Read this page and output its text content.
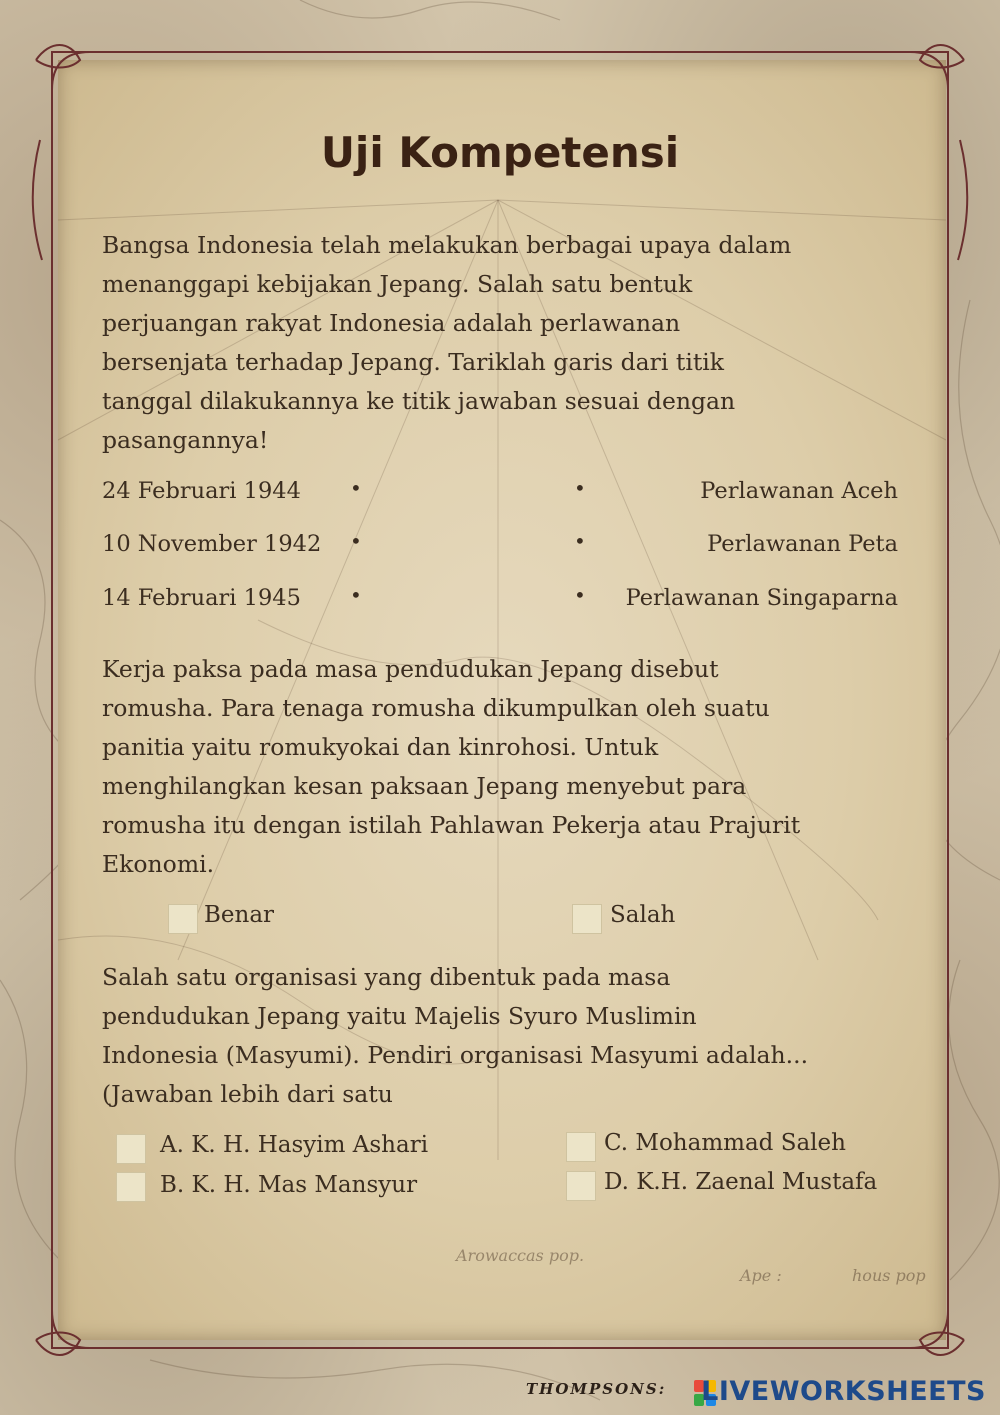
Uji Kompetensi
Bangsa Indonesia telah melakukan berbagai upaya dalam
menanggapi kebijakan Jepang. Salah satu bentuk
perjuangan rakyat Indonesia adalah perlawanan
bersenjata terhadap Jepang. Tariklah garis dari titik
tanggal dilakukannya ke titik jawaban sesuai dengan
pasangannya!
24 Februari 1944 •	•	Perlawanan Aceh
10 November 1942 •	•	Perlawanan Peta
14 Februari 1945 •	• Perlawanan Singaparna
Kerja paksa pada masa pendudukan Jepang disebut
romusha. Para tenaga romusha dikumpulkan oleh suatu
panitia yaitu romukyokai dan kinrohosi. Untuk
menghilangkan kesan paksaan Jepang menyebut para
romusha itu dengan istilah Pahlawan Pekerja atau Prajurit
Ekonomi.
Benar	Salah
Salah satu organisasi yang dibentuk pada masa
pendudukan Jepang yaitu Majelis Syuro Muslimin
Indonesia (Masyumi). Pendiri organisasi Masyumi adalah...
(Jawaban lebih dari satu
A. K. H. Hasyim Ashari
B. K. H. Mas Mansyur
C. Mohammad Saleh
D. K.H. Zaenal Mustafa
Arowaccas pop.
Ape :	hous pop
THOMPSONS: LIVEWORKSHEETS
